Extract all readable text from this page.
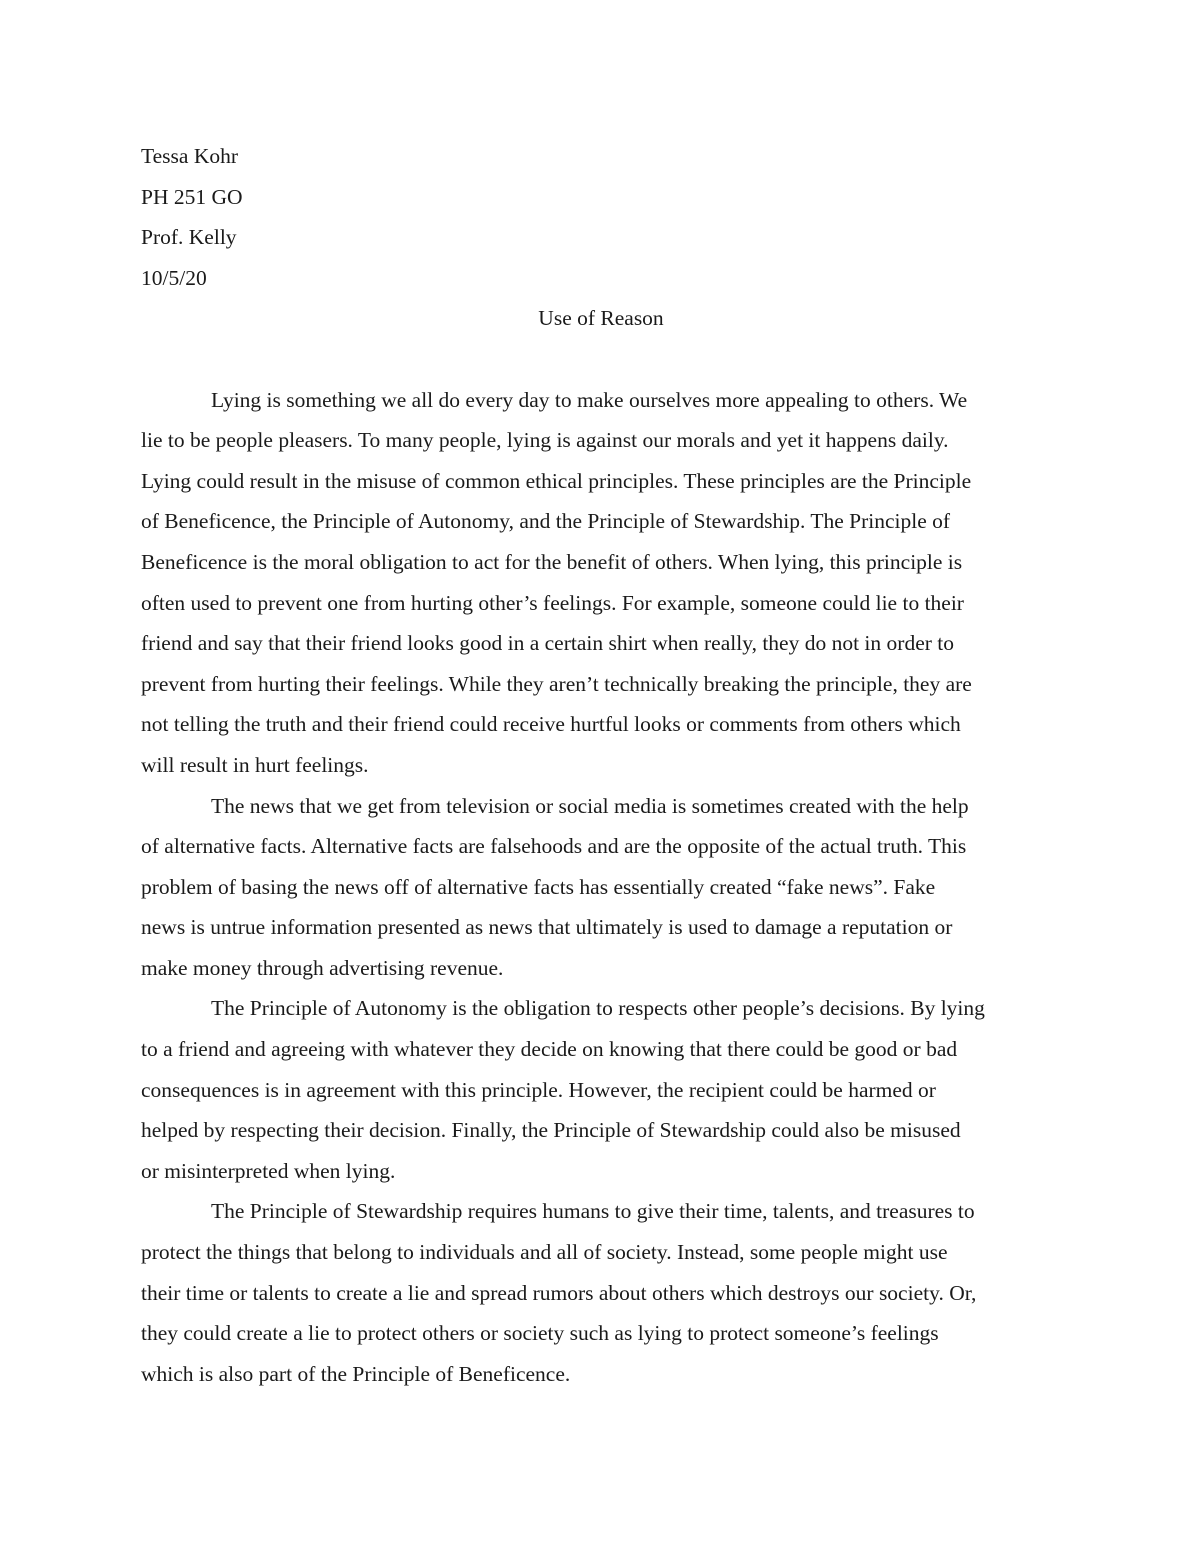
Tessa Kohr

PH 251 GO

Prof. Kelly

10/5/20

Use of Reason

Lying is something we all do every day to make ourselves more appealing to others. We
lie to be people pleasers. To many people, lying is against our morals and yet it happens daily.
Lying could result in the misuse of common ethical principles. These principles are the Principle
of Beneficence, the Principle of Autonomy, and the Principle of Stewardship. The Principle of
Beneficence is the moral obligation to act for the benefit of others. When lying, this principle is
often used to prevent one from hurting other’s feelings. For example, someone could lie to their
friend and say that their friend looks good in a certain shirt when really, they do not in order to
prevent from hurting their feelings. While they aren’t technically breaking the principle, they are
not telling the truth and their friend could receive hurtful looks or comments from others which
will result in hurt feelings.

The news that we get from television or social media is sometimes created with the help
of alternative facts. Alternative facts are falsehoods and are the opposite of the actual truth. This
problem of basing the news off of alternative facts has essentially created “fake news”. Fake
news is untrue information presented as news that ultimately is used to damage a reputation or
make money through advertising revenue.

The Principle of Autonomy is the obligation to respects other people’s decisions. By lying
to a friend and agreeing with whatever they decide on knowing that there could be good or bad
consequences is in agreement with this principle. However, the recipient could be harmed or
helped by respecting their decision. Finally, the Principle of Stewardship could also be misused
or misinterpreted when lying.

The Principle of Stewardship requires humans to give their time, talents, and treasures to
protect the things that belong to individuals and all of society. Instead, some people might use
their time or talents to create a lie and spread rumors about others which destroys our society. Or,
they could create a lie to protect others or society such as lying to protect someone’s feelings
which is also part of the Principle of Beneficence.
